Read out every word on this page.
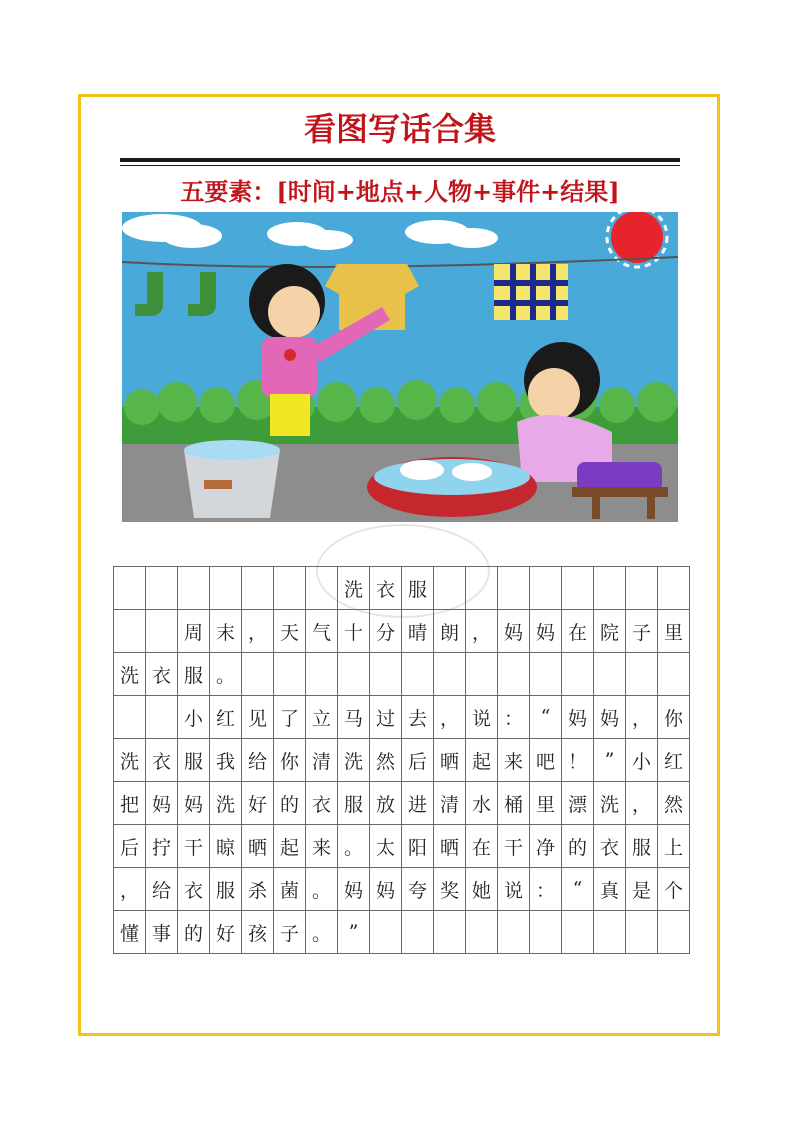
看图写话合集
五要素：[时间+地点+人物+事件+结果]
							洗	衣	服								
		周	末	，	天	气	十	分	晴	朗	，	妈	妈	在	院	子	里
洗	衣	服	。														
		小	红	见	了	立	马	过	去	，	说	：	“	妈	妈	，	你
洗	衣	服	我	给	你	清	洗	然	后	晒	起	来	吧	！	”	小	红
把	妈	妈	洗	好	的	衣	服	放	进	清	水	桶	里	漂	洗	，	然
后	拧	干	晾	晒	起	来	。	太	阳	晒	在	干	净	的	衣	服	上
，	给	衣	服	杀	菌	。	妈	妈	夸	奖	她	说	：	“	真	是	个
懂	事	的	好	孩	子	。	”										
